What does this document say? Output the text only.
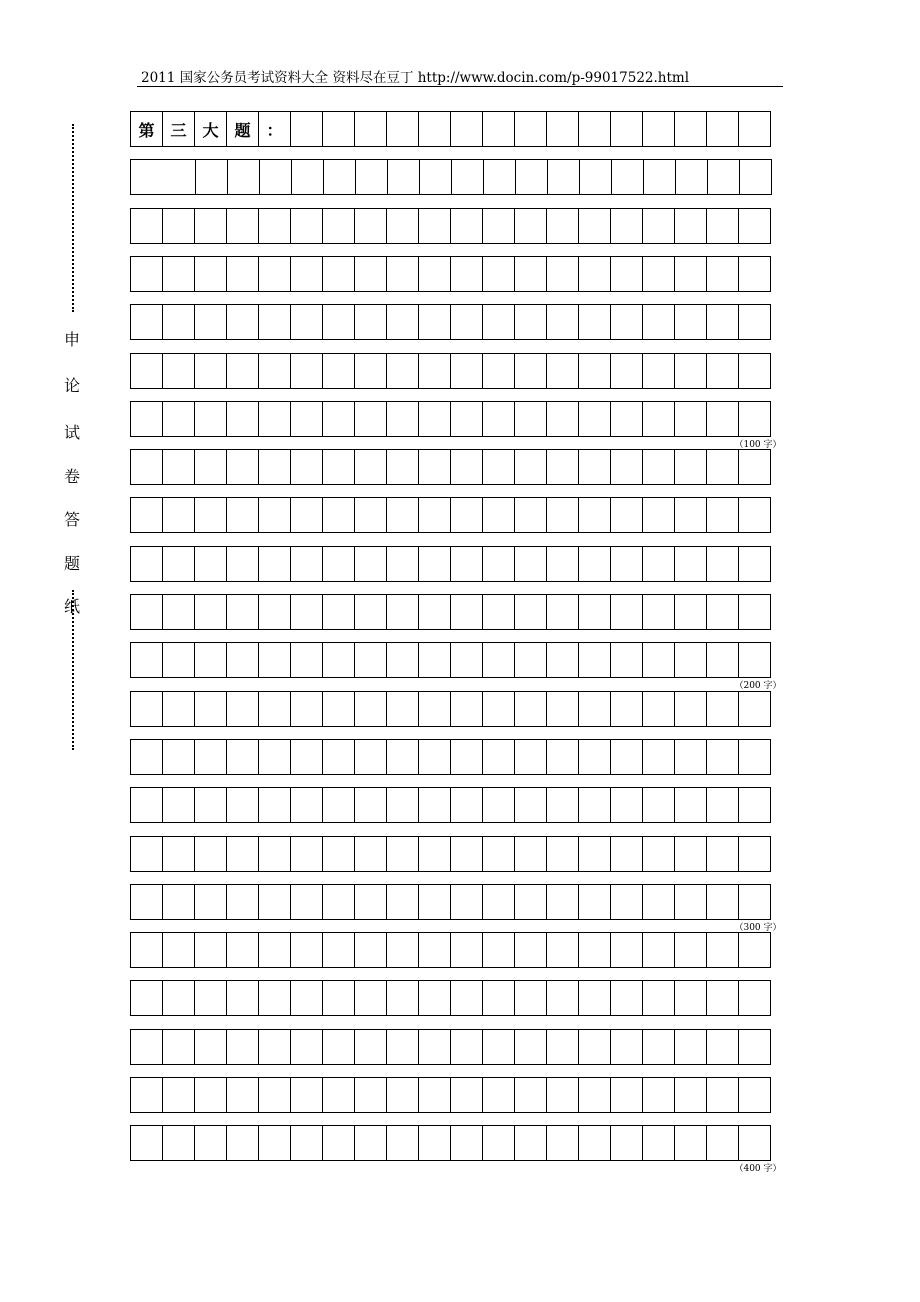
2011 国家公务员考试资料大全 资料尽在豆丁 http://www.docin.com/p-99017522.html
申
论
试
卷
答
题
纸
第 三 大 题 ：
（100 字）
（200 字）
（300 字）
（400 字）
